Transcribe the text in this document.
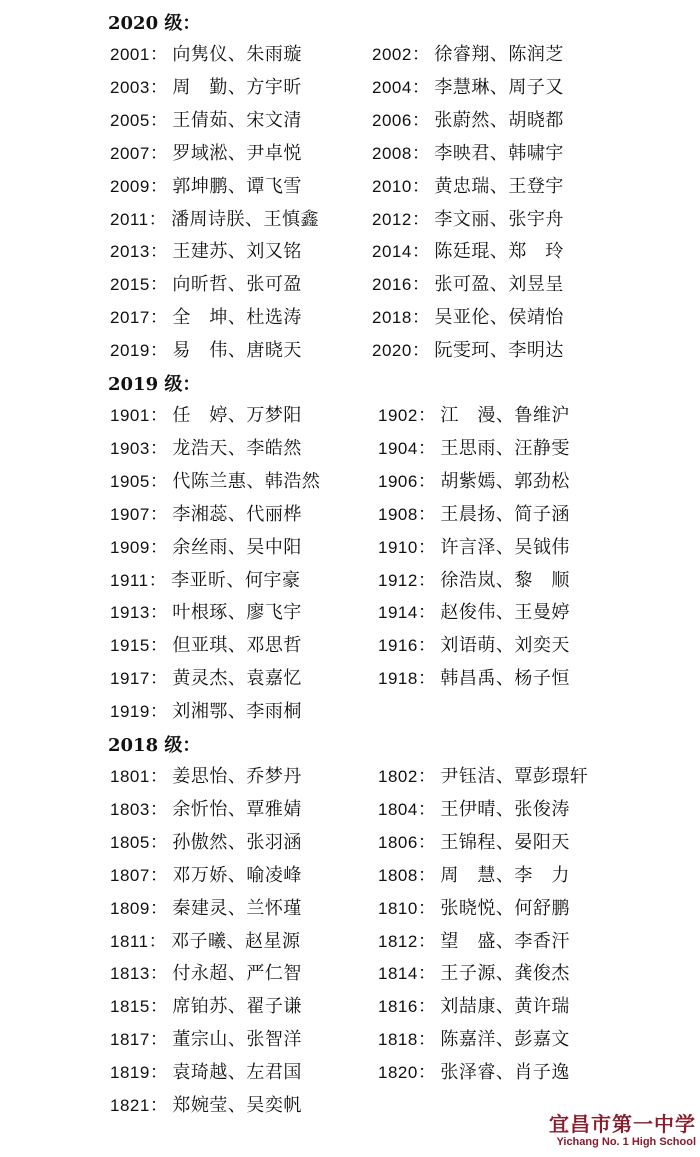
2020 级：
2001： 向隽仪、朱雨璇	2002： 徐睿翔、陈润芝
2003： 周　勤、方宇昕	2004： 李慧琳、周子又
2005： 王倩茹、宋文清	2006： 张蔚然、胡晓都
2007： 罗域淞、尹卓悦	2008： 李映君、韩啸宇
2009： 郭坤鹏、谭飞雪	2010： 黄忠瑞、王登宇
2011： 潘周诗朕、王慎鑫	2012： 李文丽、张宇舟
2013： 王建苏、刘又铭	2014： 陈廷琨、郑　玲
2015： 向昕哲、张可盈	2016： 张可盈、刘昱呈
2017： 全　坤、杜选涛	2018： 吴亚伦、侯靖怡
2019： 易　伟、唐晓天	2020： 阮雯珂、李明达
2019 级：
1901： 任　婷、万梦阳	1902： 江　漫、鲁维沪
1903： 龙浩天、李皓然	1904： 王思雨、汪静雯
1905： 代陈兰惠、韩浩然	1906： 胡紫嫣、郭劲松
1907： 李湘蕊、代丽桦	1908： 王晨扬、简子涵
1909： 余丝雨、吴中阳	1910： 许言泽、吴钺伟
1911： 李亚昕、何宇豪	1912： 徐浩岚、黎　顺
1913： 叶根琢、廖飞宇	1914： 赵俊伟、王曼婷
1915： 但亚琪、邓思哲	1916： 刘语萌、刘奕天
1917： 黄灵杰、袁嘉忆	1918： 韩昌禹、杨子恒
1919： 刘湘鄂、李雨桐
2018 级：
1801： 姜思怡、乔梦丹	1802： 尹钰洁、覃彭璟轩
1803： 余忻怡、覃雅婧	1804： 王伊晴、张俊涛
1805： 孙傲然、张羽涵	1806： 王锦程、晏阳天
1807： 邓万娇、喻凌峰	1808： 周　慧、李　力
1809： 秦建灵、兰怀瑾	1810： 张晓悦、何舒鹏
1811： 邓子曦、赵星源	1812： 望　盛、李香汗
1813： 付永超、严仁智	1814： 王子源、龚俊杰
1815： 席铂苏、翟子谦	1816： 刘喆康、黄许瑞
1817： 董宗山、张智洋	1818： 陈嘉洋、彭嘉文
1819： 袁琦越、左君国	1820： 张泽睿、肖子逸
1821： 郑婉莹、吴奕帆
宜昌市第一中学
Yichang No. 1 High School
